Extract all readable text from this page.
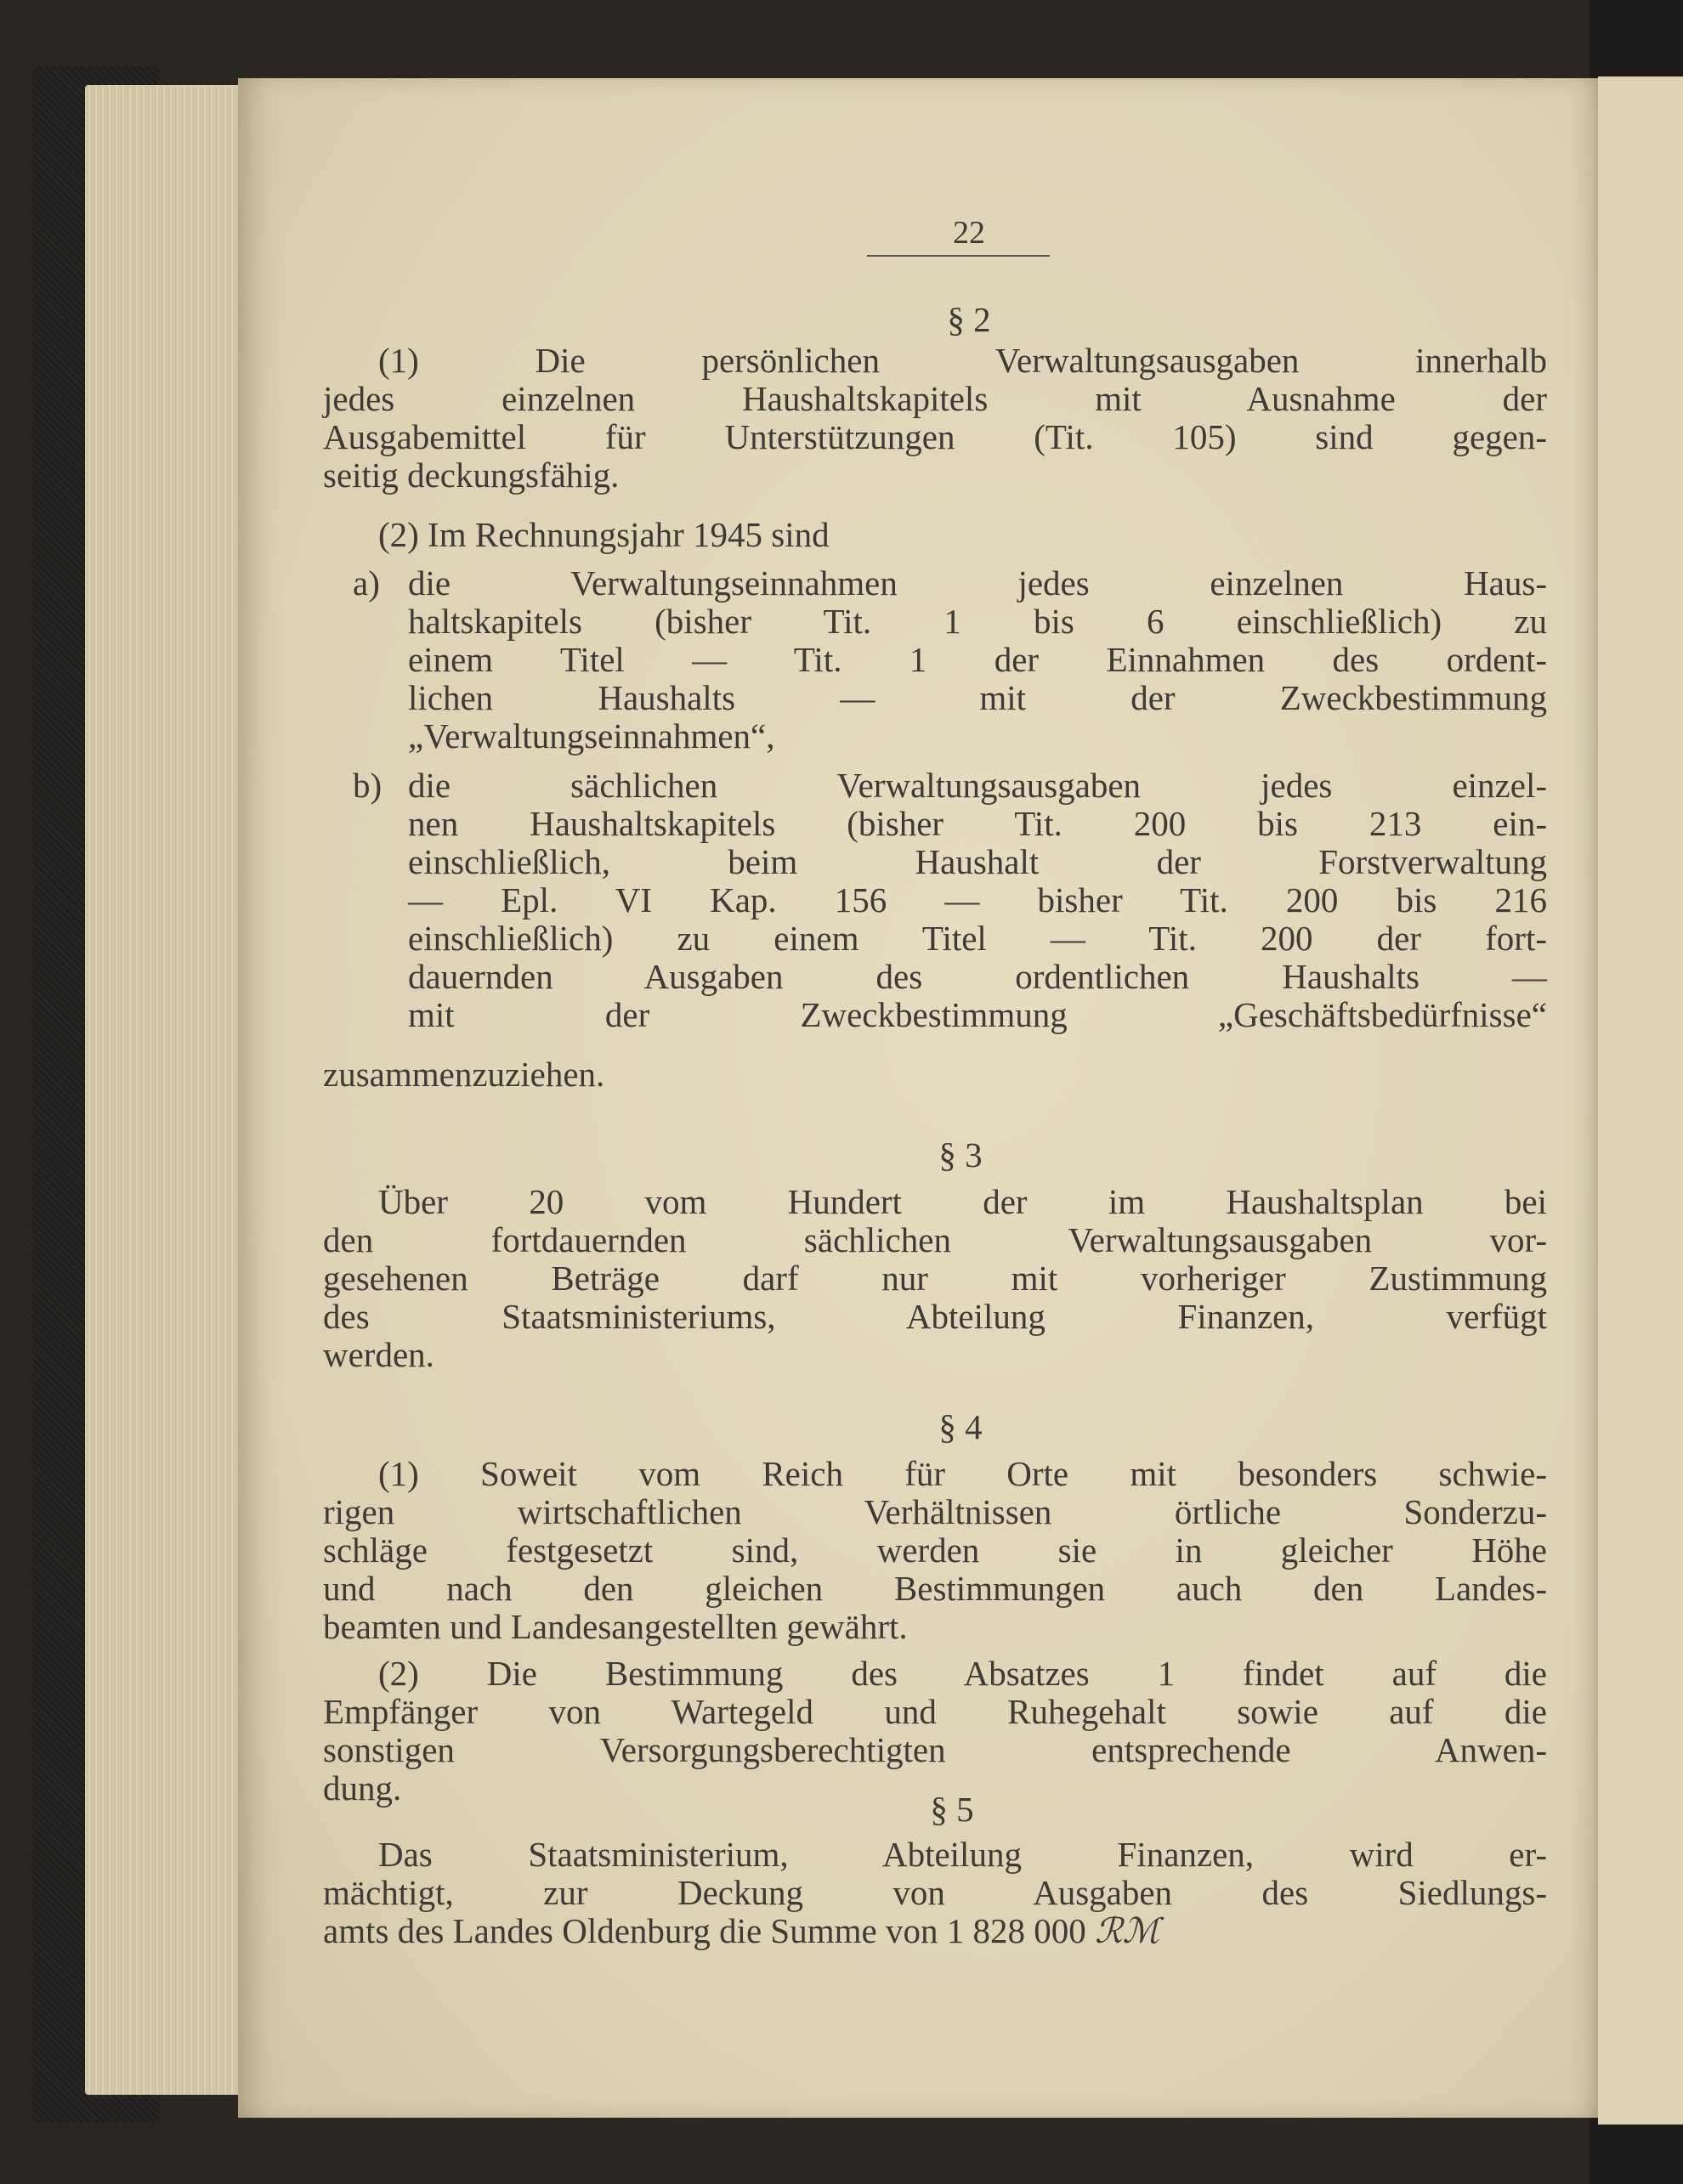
22
§ 2
(1) Die persönlichen Verwaltungsausgaben innerhalb
jedes einzelnen Haushaltskapitels mit Ausnahme der
Ausgabemittel für Unterstützungen (Tit. 105) sind gegen-
seitig deckungsfähig.
(2) Im Rechnungsjahr 1945 sind
a) die Verwaltungseinnahmen jedes einzelnen Haus-
haltskapitels (bisher Tit. 1 bis 6 einschließlich) zu
einem Titel — Tit. 1 der Einnahmen des ordent-
lichen Haushalts — mit der Zweckbestimmung
„Verwaltungseinnahmen“,
b) die sächlichen Verwaltungsausgaben jedes einzel-
nen Haushaltskapitels (bisher Tit. 200 bis 213 ein-
einschließlich, beim Haushalt der Forstverwaltung
— Epl. VI Kap. 156 — bisher Tit. 200 bis 216
einschließlich) zu einem Titel — Tit. 200 der fort-
dauernden Ausgaben des ordentlichen Haushalts —
mit der Zweckbestimmung „Geschäftsbedürfnisse“
zusammenzuziehen.
§ 3
Über 20 vom Hundert der im Haushaltsplan bei
den fortdauernden sächlichen Verwaltungsausgaben vor-
gesehenen Beträge darf nur mit vorheriger Zustimmung
des Staatsministeriums, Abteilung Finanzen, verfügt
werden.
§ 4
(1) Soweit vom Reich für Orte mit besonders schwie-
rigen wirtschaftlichen Verhältnissen örtliche Sonderzu-
schläge festgesetzt sind, werden sie in gleicher Höhe
und nach den gleichen Bestimmungen auch den Landes-
beamten und Landesangestellten gewährt.
(2) Die Bestimmung des Absatzes 1 findet auf die
Empfänger von Wartegeld und Ruhegehalt sowie auf die
sonstigen Versorgungsberechtigten entsprechende Anwen-
dung.
§ 5
Das Staatsministerium, Abteilung Finanzen, wird er-
mächtigt, zur Deckung von Ausgaben des Siedlungs-
amts des Landes Oldenburg die Summe von 1 828 000 ℛℳ
